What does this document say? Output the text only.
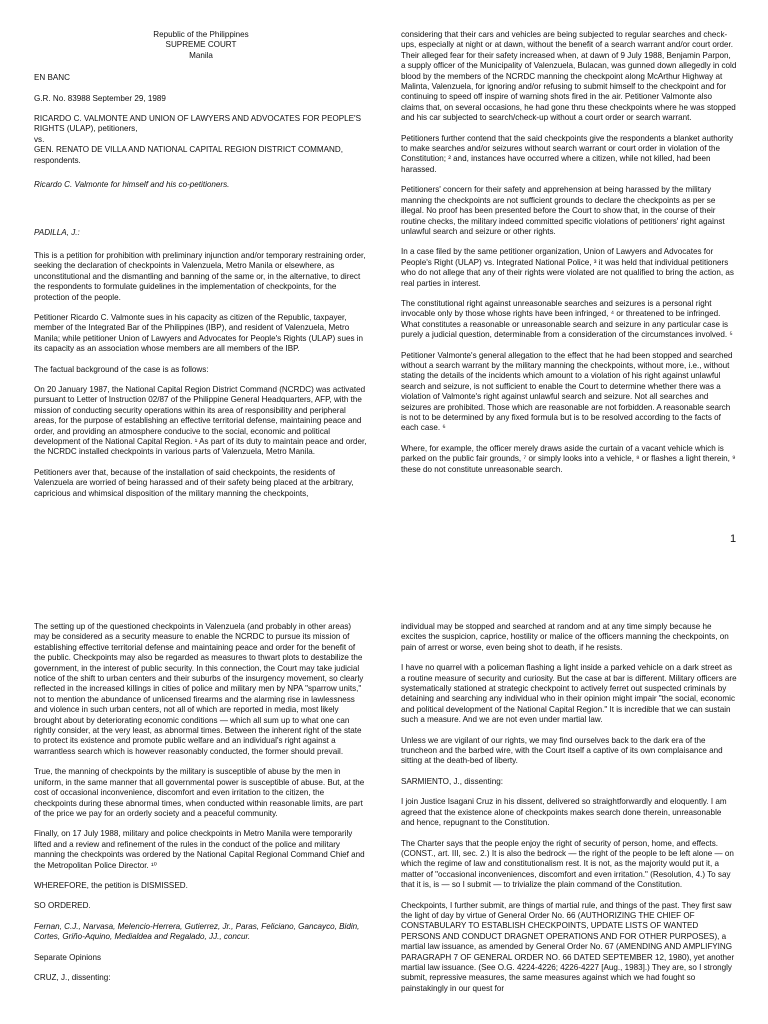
Republic of the Philippines
SUPREME COURT
Manila

EN BANC

G.R. No. 83988 September 29, 1989

RICARDO C. VALMONTE AND UNION OF LAWYERS AND ADVOCATES FOR PEOPLE'S RIGHTS (ULAP), petitioners,

vs.

GEN. RENATO DE VILLA AND NATIONAL CAPITAL REGION DISTRICT COMMAND, respondents.

Ricardo C. Valmonte for himself and his co-petitioners.

PADILLA, J.:

This is a petition for prohibition with preliminary injunction and/or temporary restraining order, seeking the declaration of checkpoints in Valenzuela, Metro Manila or elsewhere, as unconstitutional and the dismantling and banning of the same or, in the alternative, to direct the respondents to formulate guidelines in the implementation of checkpoints, for the protection of the people.

Petitioner Ricardo C. Valmonte sues in his capacity as citizen of the Republic, taxpayer, member of the Integrated Bar of the Philippines (IBP), and resident of Valenzuela, Metro Manila; while petitioner Union of Lawyers and Advocates for People's Rights (ULAP) sues in its capacity as an association whose members are all members of the IBP.

The factual background of the case is as follows:

On 20 January 1987, the National Capital Region District Command (NCRDC) was activated pursuant to Letter of Instruction 02/87 of the Philippine General Headquarters, AFP, with the mission of conducting security operations within its area of responsibility and peripheral areas, for the purpose of establishing an effective territorial defense, maintaining peace and order, and providing an atmosphere conducive to the social, economic and political development of the National Capital Region. ¹ As part of its duty to maintain peace and order, the NCRDC installed checkpoints in various parts of Valenzuela, Metro Manila.

Petitioners aver that, because of the installation of said checkpoints, the residents of Valenzuela are worried of being harassed and of their safety being placed at the arbitrary, capricious and whimsical disposition of the military manning the checkpoints,

considering that their cars and vehicles are being subjected to regular searches and check-ups, especially at night or at dawn, without the benefit of a search warrant and/or court order. Their alleged fear for their safety increased when, at dawn of 9 July 1988, Benjamin Parpon, a supply officer of the Municipality of Valenzuela, Bulacan, was gunned down allegedly in cold blood by the members of the NCRDC manning the checkpoint along McArthur Highway at Malinta, Valenzuela, for ignoring and/or refusing to submit himself to the checkpoint and for continuing to speed off inspire of warning shots fired in the air. Petitioner Valmonte also claims that, on several occasions, he had gone thru these checkpoints where he was stopped and his car subjected to search/check-up without a court order or search warrant.

Petitioners further contend that the said checkpoints give the respondents a blanket authority to make searches and/or seizures without search warrant or court order in violation of the Constitution; ² and, instances have occurred where a citizen, while not killed, had been harassed.

Petitioners' concern for their safety and apprehension at being harassed by the military manning the checkpoints are not sufficient grounds to declare the checkpoints as per se illegal. No proof has been presented before the Court to show that, in the course of their routine checks, the military indeed committed specific violations of petitioners' right against unlawful search and seizure or other rights.

In a case filed by the same petitioner organization, Union of Lawyers and Advocates for People's Right (ULAP) vs. Integrated National Police, ³ it was held that individual petitioners who do not allege that any of their rights were violated are not qualified to bring the action, as real parties in interest.

The constitutional right against unreasonable searches and seizures is a personal right invocable only by those whose rights have been infringed, ⁴ or threatened to be infringed. What constitutes a reasonable or unreasonable search and seizure in any particular case is purely a judicial question, determinable from a consideration of the circumstances involved. ⁵

Petitioner Valmonte's general allegation to the effect that he had been stopped and searched without a search warrant by the military manning the checkpoints, without more, i.e., without stating the details of the incidents which amount to a violation of his right against unlawful search and seizure, is not sufficient to enable the Court to determine whether there was a violation of Valmonte's right against unlawful search and seizure. Not all searches and seizures are prohibited. Those which are reasonable are not forbidden. A reasonable search is not to be determined by any fixed formula but is to be resolved according to the facts of each case. ⁶

Where, for example, the officer merely draws aside the curtain of a vacant vehicle which is parked on the public fair grounds, ⁷ or simply looks into a vehicle, ⁸ or flashes a light therein, ⁹ these do not constitute unreasonable search.

1

The setting up of the questioned checkpoints in Valenzuela (and probably in other areas) may be considered as a security measure to enable the NCRDC to pursue its mission of establishing effective territorial defense and maintaining peace and order for the benefit of the public. Checkpoints may also be regarded as measures to thwart plots to destabilize the government, in the interest of public security. In this connection, the Court may take judicial notice of the shift to urban centers and their suburbs of the insurgency movement, so clearly reflected in the increased killings in cities of police and military men by NPA "sparrow units," not to mention the abundance of unlicensed firearms and the alarming rise in lawlessness and violence in such urban centers, not all of which are reported in media, most likely brought about by deteriorating economic conditions — which all sum up to what one can rightly consider, at the very least, as abnormal times. Between the inherent right of the state to protect its existence and promote public welfare and an individual's right against a warrantless search which is however reasonably conducted, the former should prevail.

True, the manning of checkpoints by the military is susceptible of abuse by the men in uniform, in the same manner that all governmental power is susceptible of abuse. But, at the cost of occasional inconvenience, discomfort and even irritation to the citizen, the checkpoints during these abnormal times, when conducted within reasonable limits, are part of the price we pay for an orderly society and a peaceful community.

Finally, on 17 July 1988, military and police checkpoints in Metro Manila were temporarily lifted and a review and refinement of the rules in the conduct of the police and military manning the checkpoints was ordered by the National Capital Regional Command Chief and the Metropolitan Police Director. ¹⁰

WHEREFORE, the petition is DISMISSED.

SO ORDERED.

Fernan, C.J., Narvasa, Melencio-Herrera, Gutierrez, Jr., Paras, Feliciano, Gancayco, Bidin, Cortes, Griño-Aquino, Medialdea and Regalado, JJ., concur.

Separate Opinions

CRUZ, J., dissenting:

individual may be stopped and searched at random and at any time simply because he excites the suspicion, caprice, hostility or malice of the officers manning the checkpoints, on pain of arrest or worse, even being shot to death, if he resists.

I have no quarrel with a policeman flashing a light inside a parked vehicle on a dark street as a routine measure of security and curiosity. But the case at bar is different. Military officers are systematically stationed at strategic checkpoint to actively ferret out suspected criminals by detaining and searching any individual who in their opinion might impair "the social, economic and political development of the National Capital Region." It is incredible that we can sustain such a measure. And we are not even under martial law.

Unless we are vigilant of our rights, we may find ourselves back to the dark era of the truncheon and the barbed wire, with the Court itself a captive of its own complaisance and sitting at the death-bed of liberty.

SARMIENTO, J., dissenting:

I join Justice Isagani Cruz in his dissent, delivered so straightforwardly and eloquently. I am agreed that the existence alone of checkpoints makes search done therein, unreasonable and hence, repugnant to the Constitution.

The Charter says that the people enjoy the right of security of person, home, and effects. (CONST., art. III, sec. 2.) It is also the bedrock — the right of the people to be left alone — on which the regime of law and constitutionalism rest. It is not, as the majority would put it, a matter of "occasional inconveniences, discomfort and even irritation." (Resolution, 4.) To say that it is, is — so I submit — to trivialize the plain command of the Constitution.

Checkpoints, I further submit, are things of martial rule, and things of the past. They first saw the light of day by virtue of General Order No. 66 (AUTHORIZING THE CHIEF OF CONSTABULARY TO ESTABLISH CHECKPOINTS, UPDATE LISTS OF WANTED PERSONS AND CONDUCT DRAGNET OPERATIONS AND FOR OTHER PURPOSES), a martial law issuance, as amended by General Order No. 67 (AMENDING AND AMPLIFYING PARAGRAPH 7 OF GENERAL ORDER NO. 66 DATED SEPTEMBER 12, 1980), yet another martial law issuance. (See O.G. 4224-4226; 4226-4227 [Aug., 1983].) They are, so I strongly submit, repressive measures, the same measures against which we had fought so painstakingly in our quest for
